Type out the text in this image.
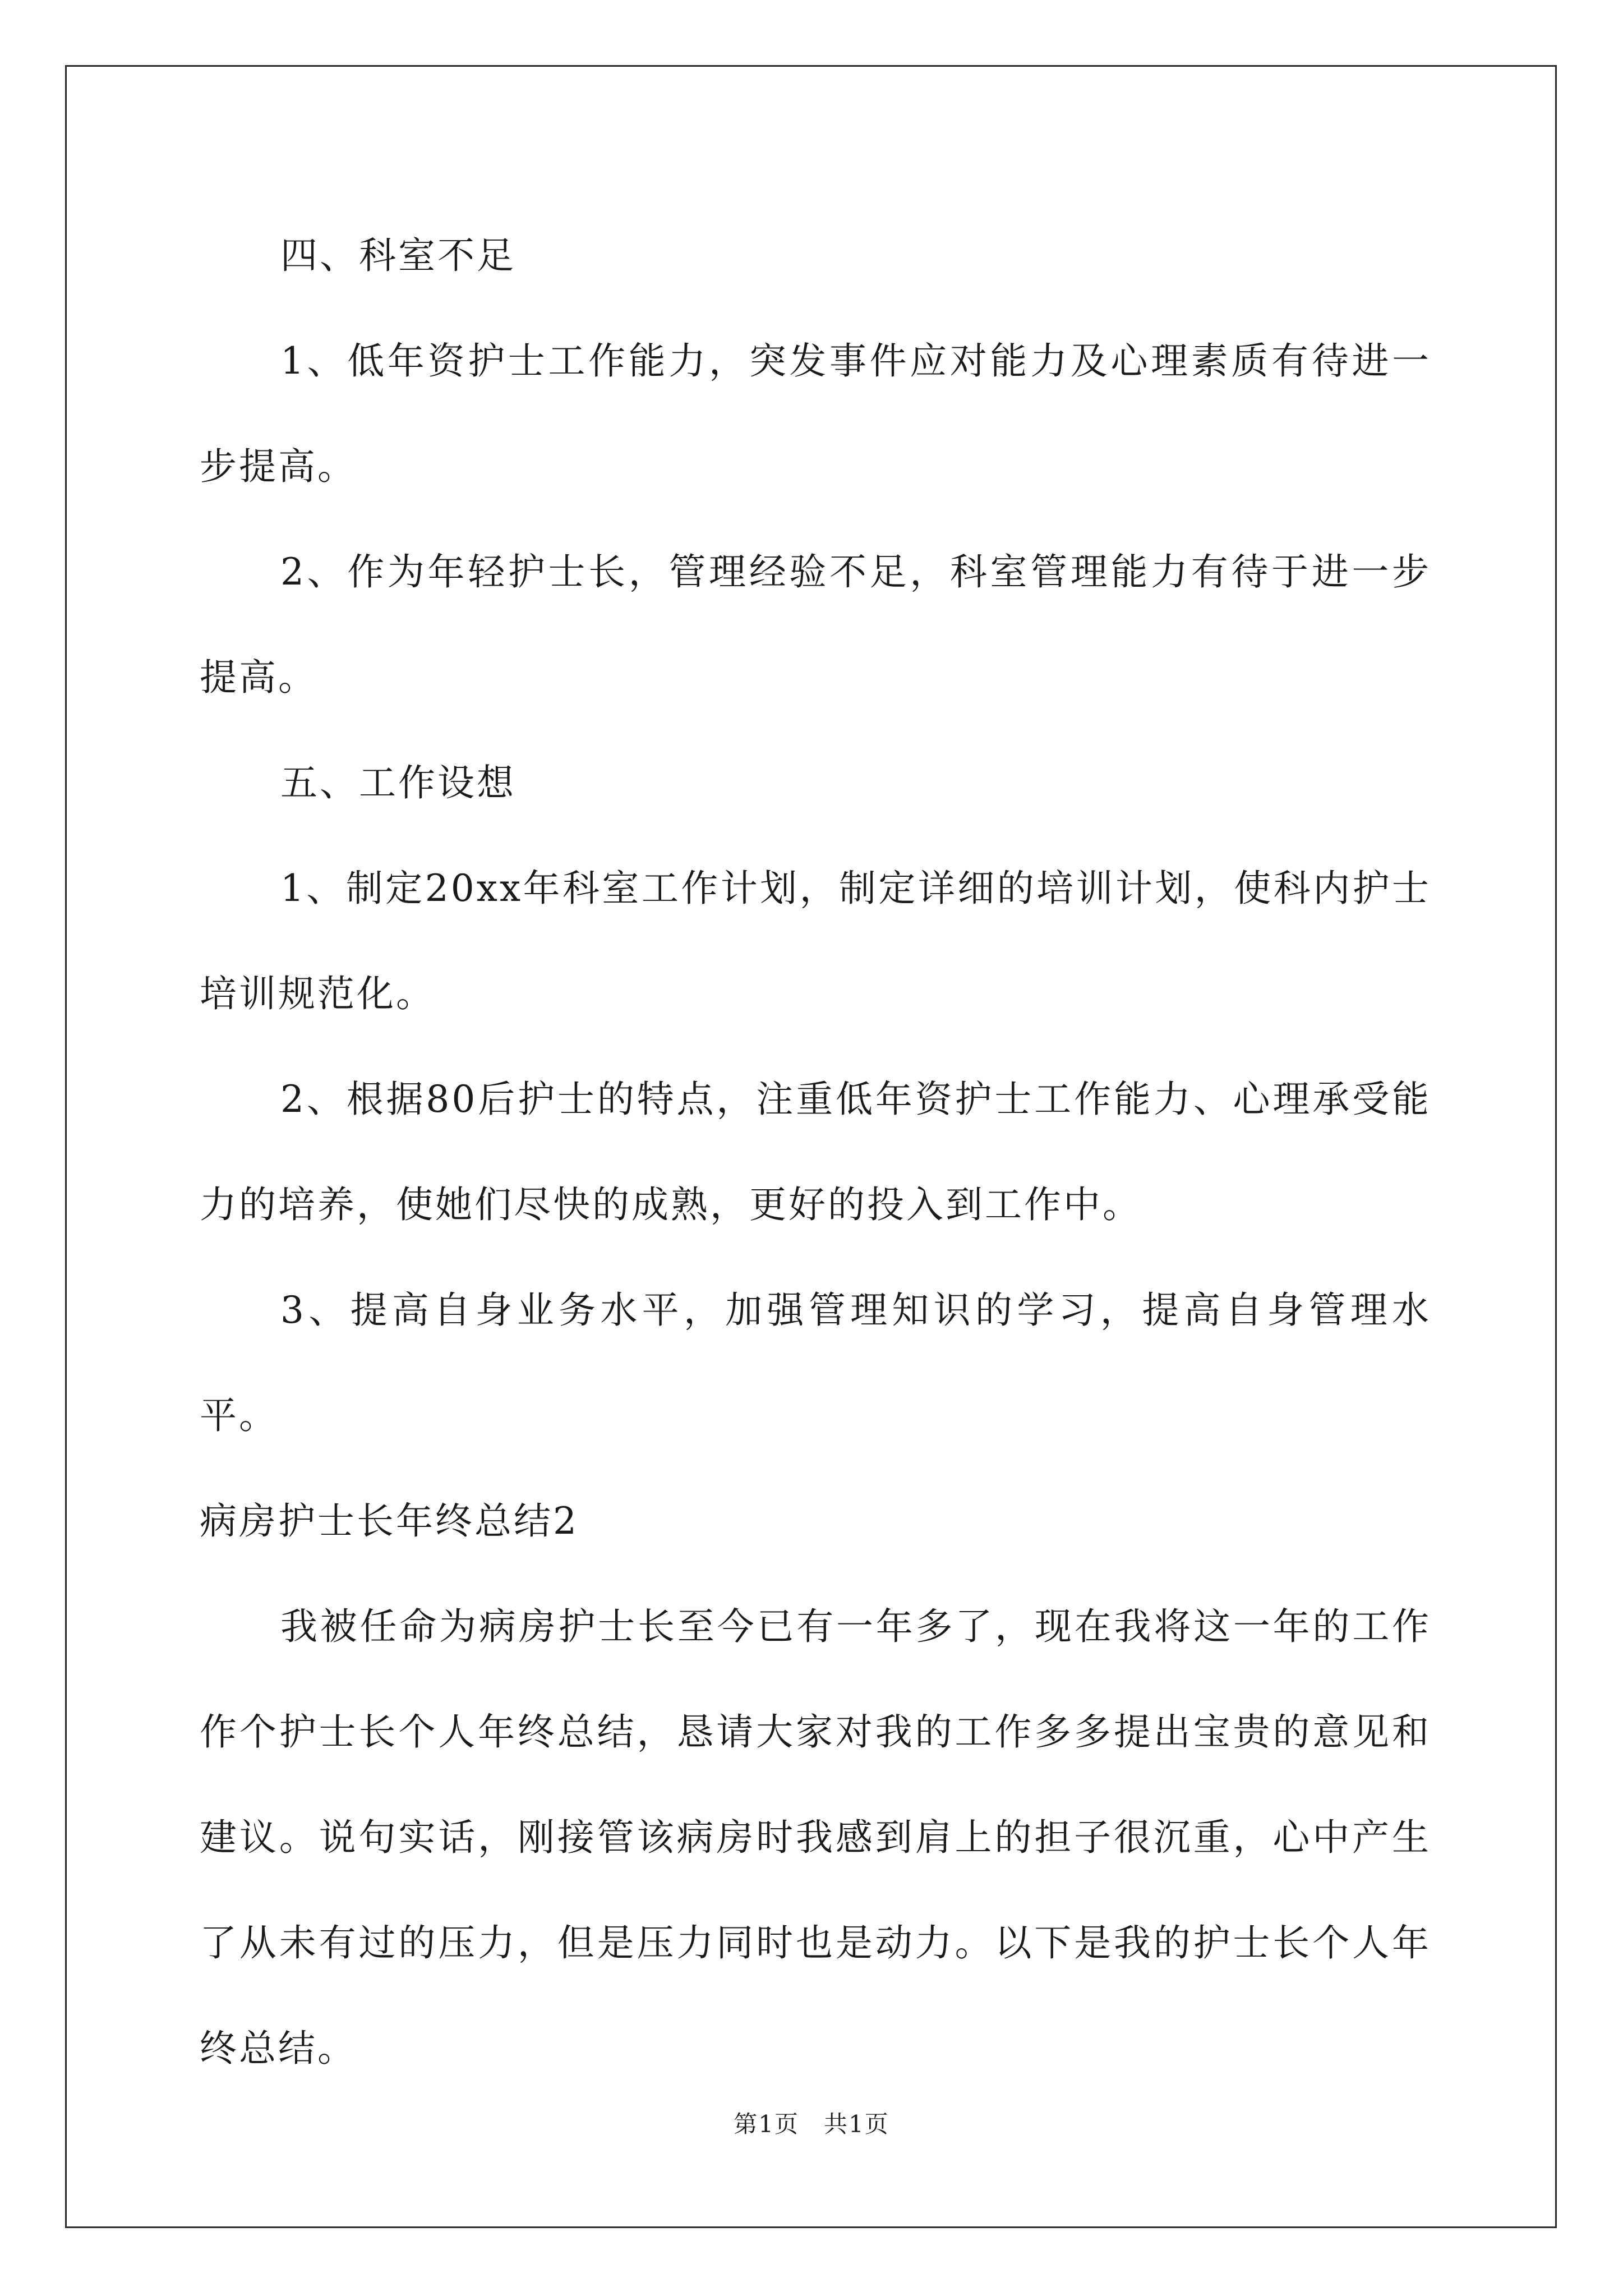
四、科室不足

1、低年资护士工作能力，突发事件应对能力及心理素质有待进一步提高。

2、作为年轻护士长，管理经验不足，科室管理能力有待于进一步提高。

五、工作设想

1、制定20xx年科室工作计划，制定详细的培训计划，使科内护士培训规范化。

2、根据80后护士的特点，注重低年资护士工作能力、心理承受能力的培养，使她们尽快的成熟，更好的投入到工作中。

3、提高自身业务水平，加强管理知识的学习，提高自身管理水平。

病房护士长年终总结2

我被任命为病房护士长至今已有一年多了，现在我将这一年的工作作个护士长个人年终总结，恳请大家对我的工作多多提出宝贵的意见和建议。说句实话，刚接管该病房时我感到肩上的担子很沉重，心中产生了从未有过的压力，但是压力同时也是动力。以下是我的护士长个人年终总结。

第1页　共1页
